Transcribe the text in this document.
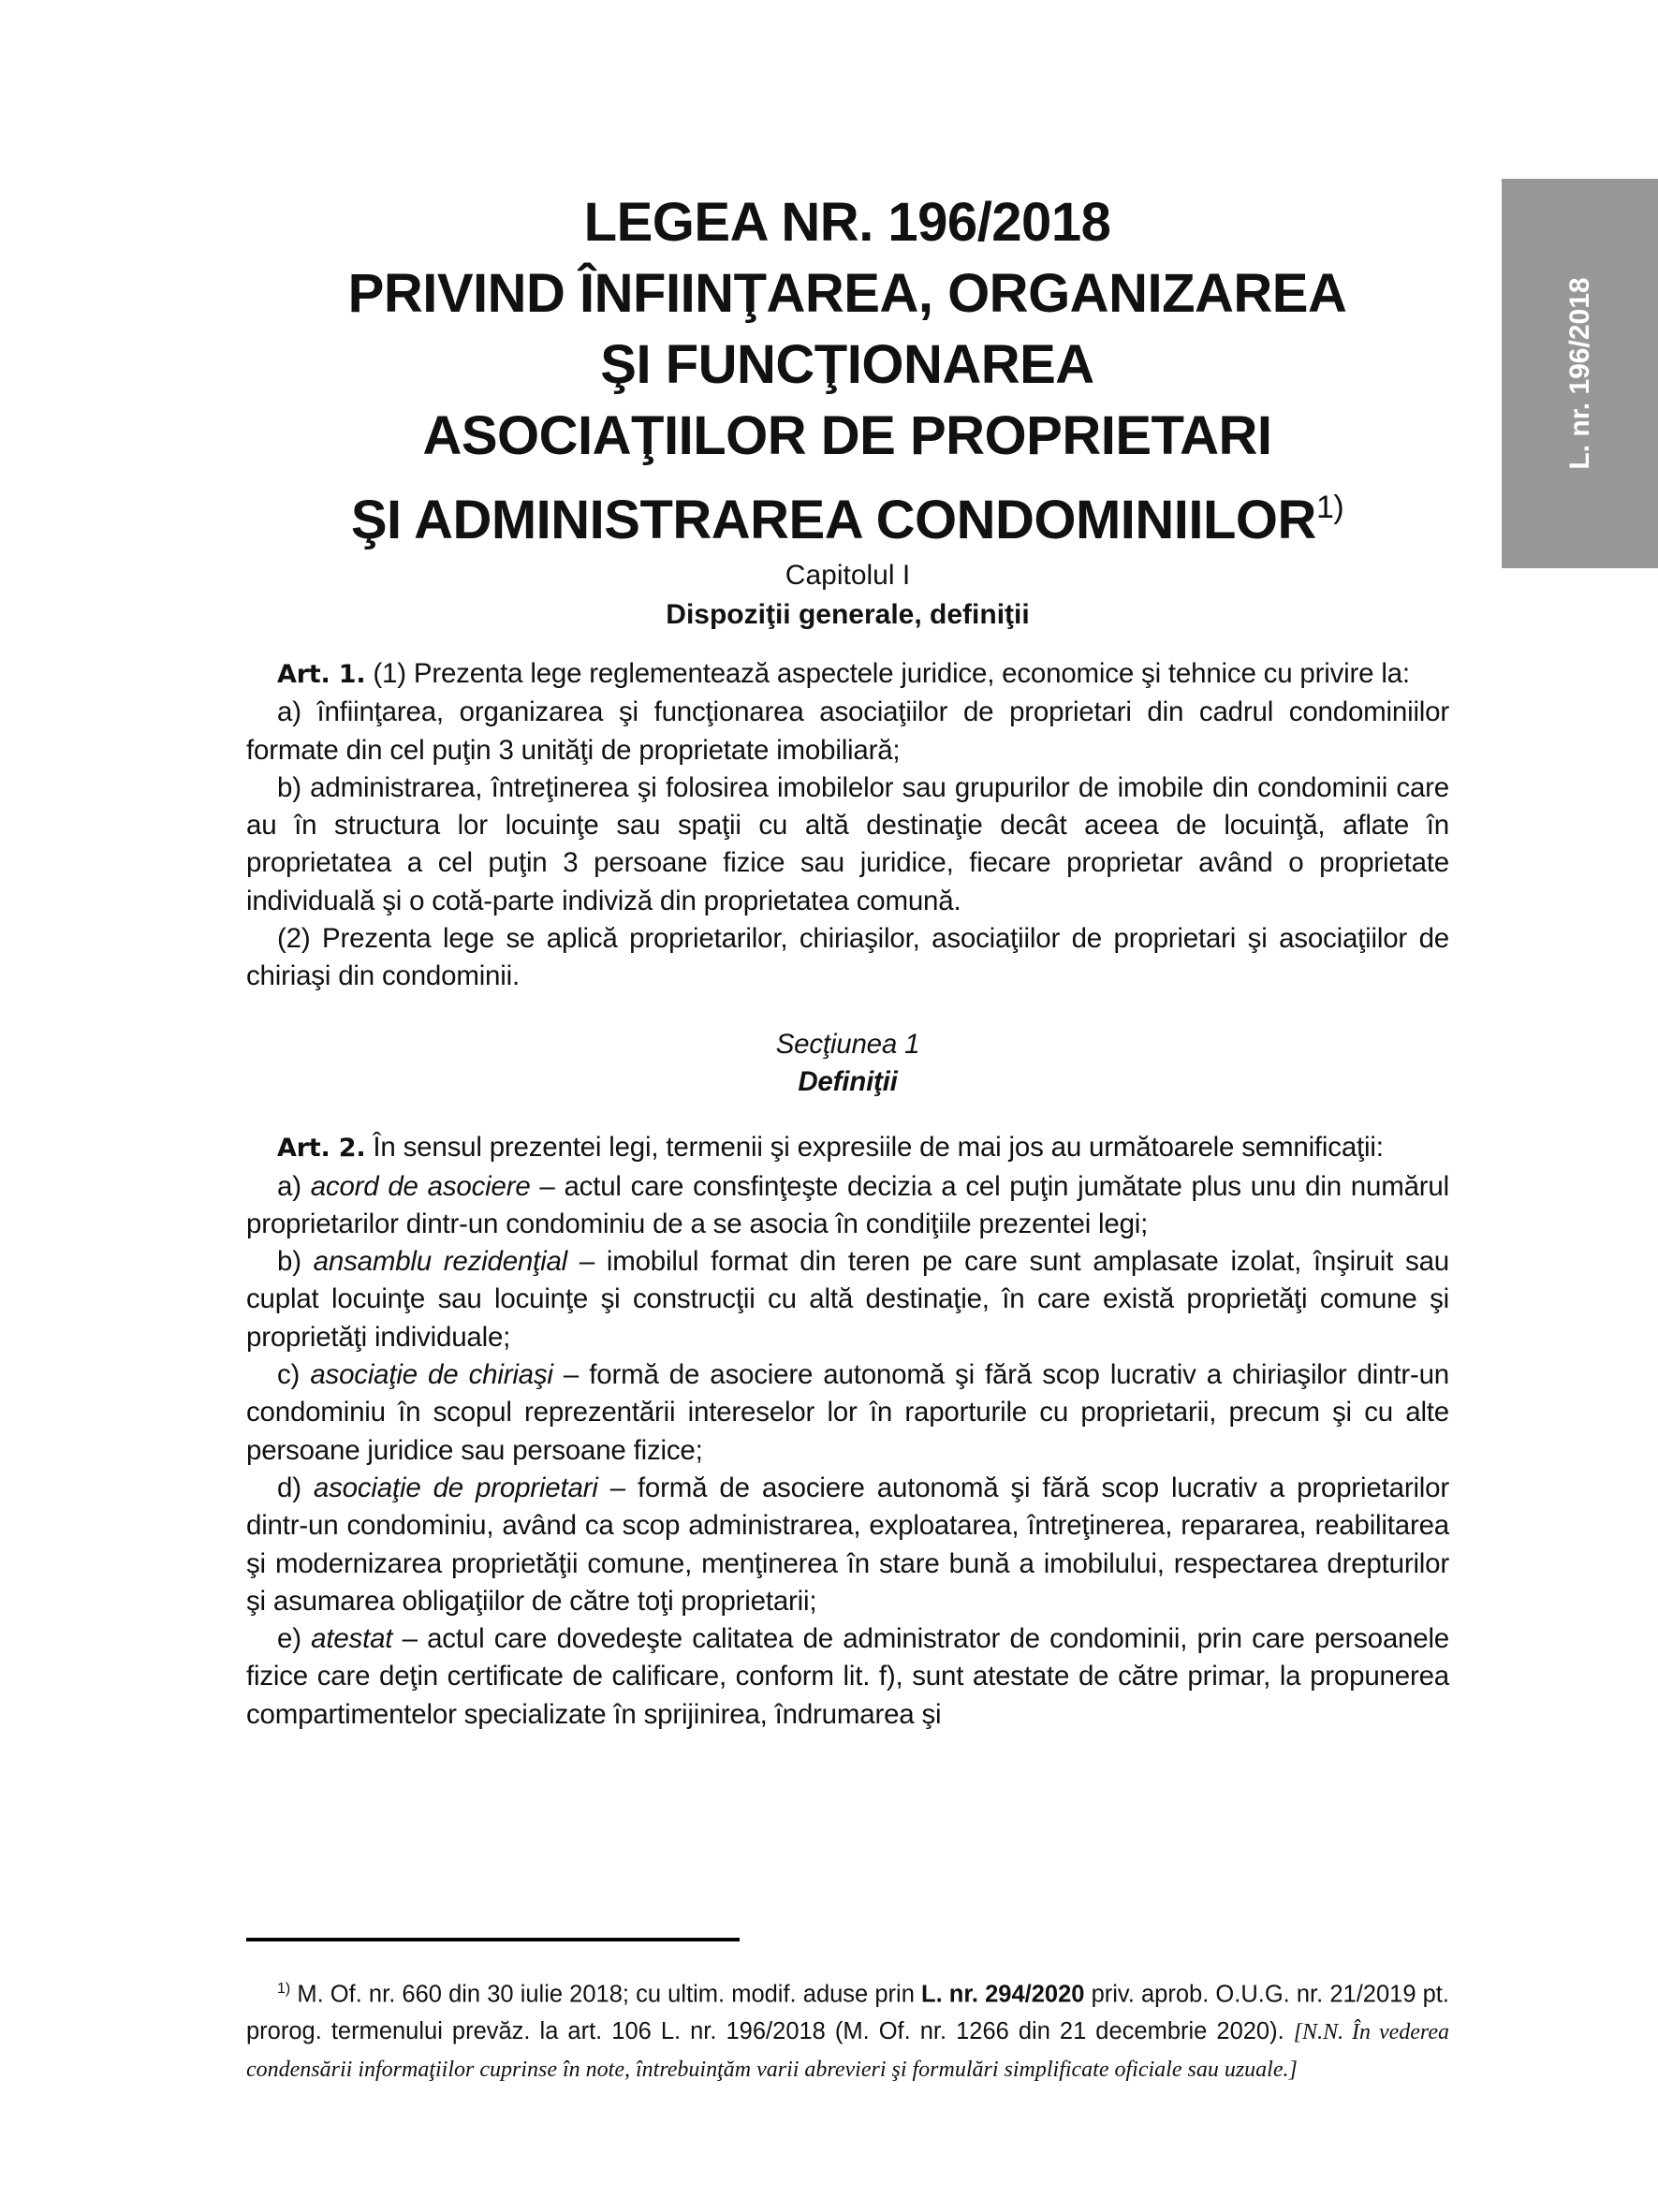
L. nr. 196/2018
LEGEA NR. 196/2018
PRIVIND ÎNFIINŢAREA, ORGANIZAREA
ŞI FUNCŢIONAREA
ASOCIAŢIILOR DE PROPRIETARI
ŞI ADMINISTRAREA CONDOMINIILOR$^{1)}$
Capitolul I
Dispoziţii generale, definiţii

Art. 1. (1) Prezenta lege reglementează aspectele juridice, economice şi tehnice cu privire la:

a) înfiinţarea, organizarea şi funcţionarea asociaţiilor de proprietari din cadrul condominiilor formate din cel puţin 3 unităţi de proprietate imobiliară;

b) administrarea, întreţinerea şi folosirea imobilelor sau grupurilor de imobile din condominii care au în structura lor locuinţe sau spaţii cu altă destinaţie decât aceea de locuinţă, aflate în proprietatea a cel puţin 3 persoane fizice sau juridice, fiecare proprietar având o proprietate individuală şi o cotă-parte indiviză din proprietatea comună.

(2) Prezenta lege se aplică proprietarilor, chiriaşilor, asociaţiilor de proprietari şi asociaţiilor de chiriaşi din condominii.

Secţiunea 1

Definiţii

Art. 2. În sensul prezentei legi, termenii şi expresiile de mai jos au următoarele semnificaţii:

a) acord de asociere – actul care consfinţeşte decizia a cel puţin jumătate plus unu din numărul proprietarilor dintr-un condominiu de a se asocia în condiţiile prezentei legi;

b) ansamblu rezidenţial – imobilul format din teren pe care sunt amplasate izolat, înşiruit sau cuplat locuinţe sau locuinţe şi construcţii cu altă destinaţie, în care există proprietăţi comune şi proprietăţi individuale;

c) asociaţie de chiriaşi – formă de asociere autonomă şi fără scop lucrativ a chiriaşilor dintr-un condominiu în scopul reprezentării intereselor lor în raporturile cu proprietarii, precum şi cu alte persoane juridice sau persoane fizice;

d) asociaţie de proprietari – formă de asociere autonomă şi fără scop lucrativ a proprietarilor dintr-un condominiu, având ca scop administrarea, exploatarea, întreţinerea, repararea, reabilitarea şi modernizarea proprietăţii comune, menţinerea în stare bună a imobilului, respectarea drepturilor şi asumarea obligaţiilor de către toţi proprietarii;

e) atestat – actul care dovedeşte calitatea de administrator de condominii, prin care persoanele fizice care deţin certificate de calificare, conform lit. f), sunt atestate de către primar, la propunerea compartimentelor specializate în sprijinirea, îndrumarea şi

$^{1)}$ M. Of. nr. 660 din 30 iulie 2018; cu ultim. modif. aduse prin L. nr. 294/2020 priv. aprob. O.U.G. nr. 21/2019 pt. prorog. termenului prevăz. la art. 106 L. nr. 196/2018 (M. Of. nr. 1266 din 21 decembrie 2020). [N.N. În vederea condensării informaţiilor cuprinse în note, întrebuinţăm varii abrevieri şi formulări simplificate oficiale sau uzuale.]
